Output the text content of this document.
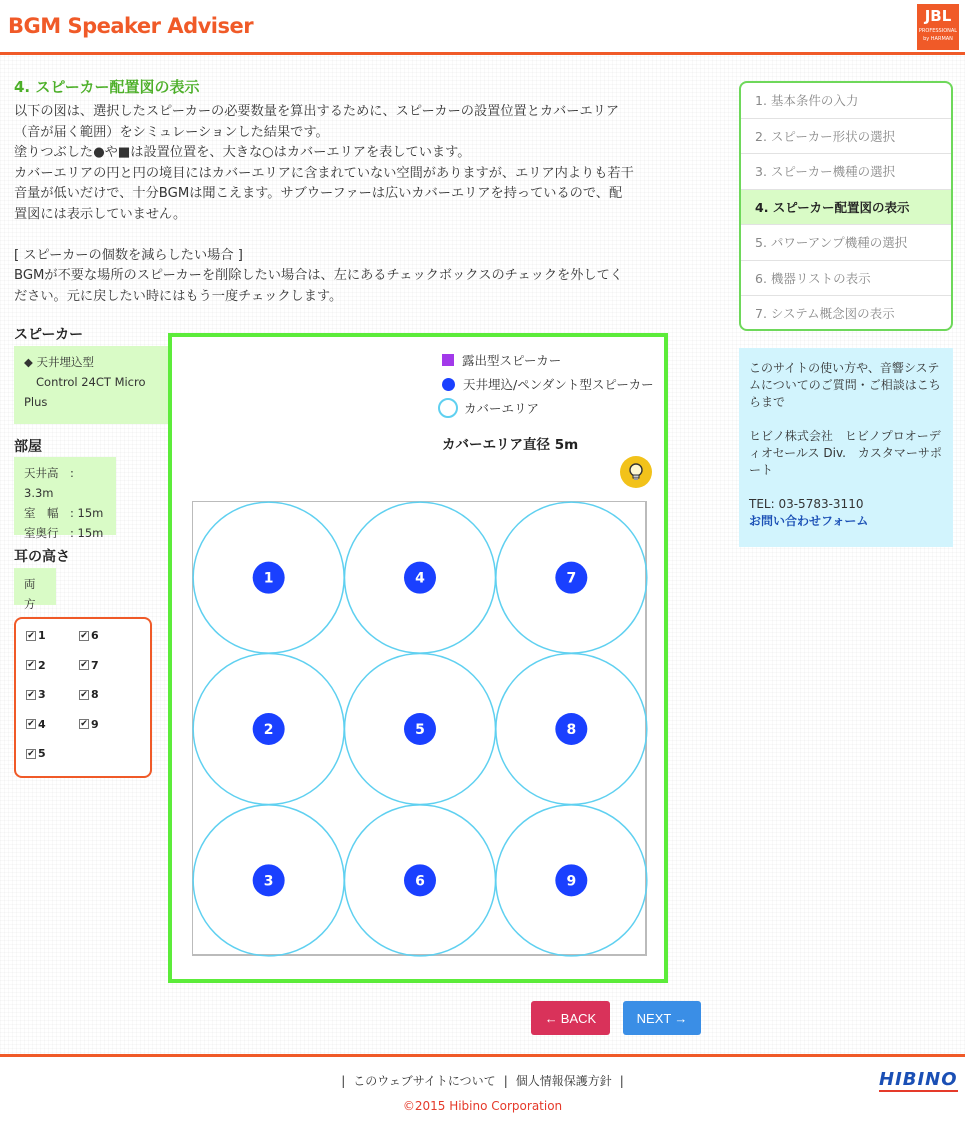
BGM Speaker Adviser	JBL
PROFESSIONAL
by HARMAN
4. スピーカー配置図の表示

以下の図は、選択したスピーカーの必要数量を算出するために、スピーカーの設置位置とカバーエリア

（音が届く範囲）をシミュレーションした結果です。

塗りつぶした●や■は設置位置を、大きな○はカバーエリアを表しています。

カバーエリアの円と円の境目にはカバーエリアに含まれていない空間がありますが、エリア内よりも若干

音量が低いだけで、十分BGMは聞こえます。サブウーファーは広いカバーエリアを持っているので、配

置図には表示していません。

[ スピーカーの個数を減らしたい場合 ]

BGMが不要な場所のスピーカーを削除したい場合は、左にあるチェックボックスのチェックを外してく

ださい。元に戻したい時にはもう一度チェックします。

スピーカー
◆ 天井埋込型
Control 24CT Micro
Plus
部屋
天井高　: 3.3m
室　幅　: 15m
室奥行　: 15m
耳の高さ
両方
✔ 1
✔ 2
✔ 3
✔ 4
✔ 5
✔ 6
✔ 7
✔ 8
✔ 9
露出型スピーカー
天井埋込/ペンダント型スピーカー
カバーエリア
カバーエリア直径 5m
1
2
3
4
5
6
7
8
9
1. 基本条件の入力
2. スピーカー形状の選択
3. スピーカー機種の選択
4. スピーカー配置図の表示
5. パワーアンプ機種の選択
6. 機器リストの表示
7. システム概念図の表示

このサイトの使い方や、音響システムについてのご質問・ご相談はこちらまで

ヒビノ株式会社　ヒビノプロオーディオセールス Div.　カスタマーサポート

TEL: 03-5783-3110

お問い合わせフォーム

← BACK	NEXT →
| このウェブサイトについて | 個人情報保護方針 |
©2015 Hibino Corporation
HIBINO
